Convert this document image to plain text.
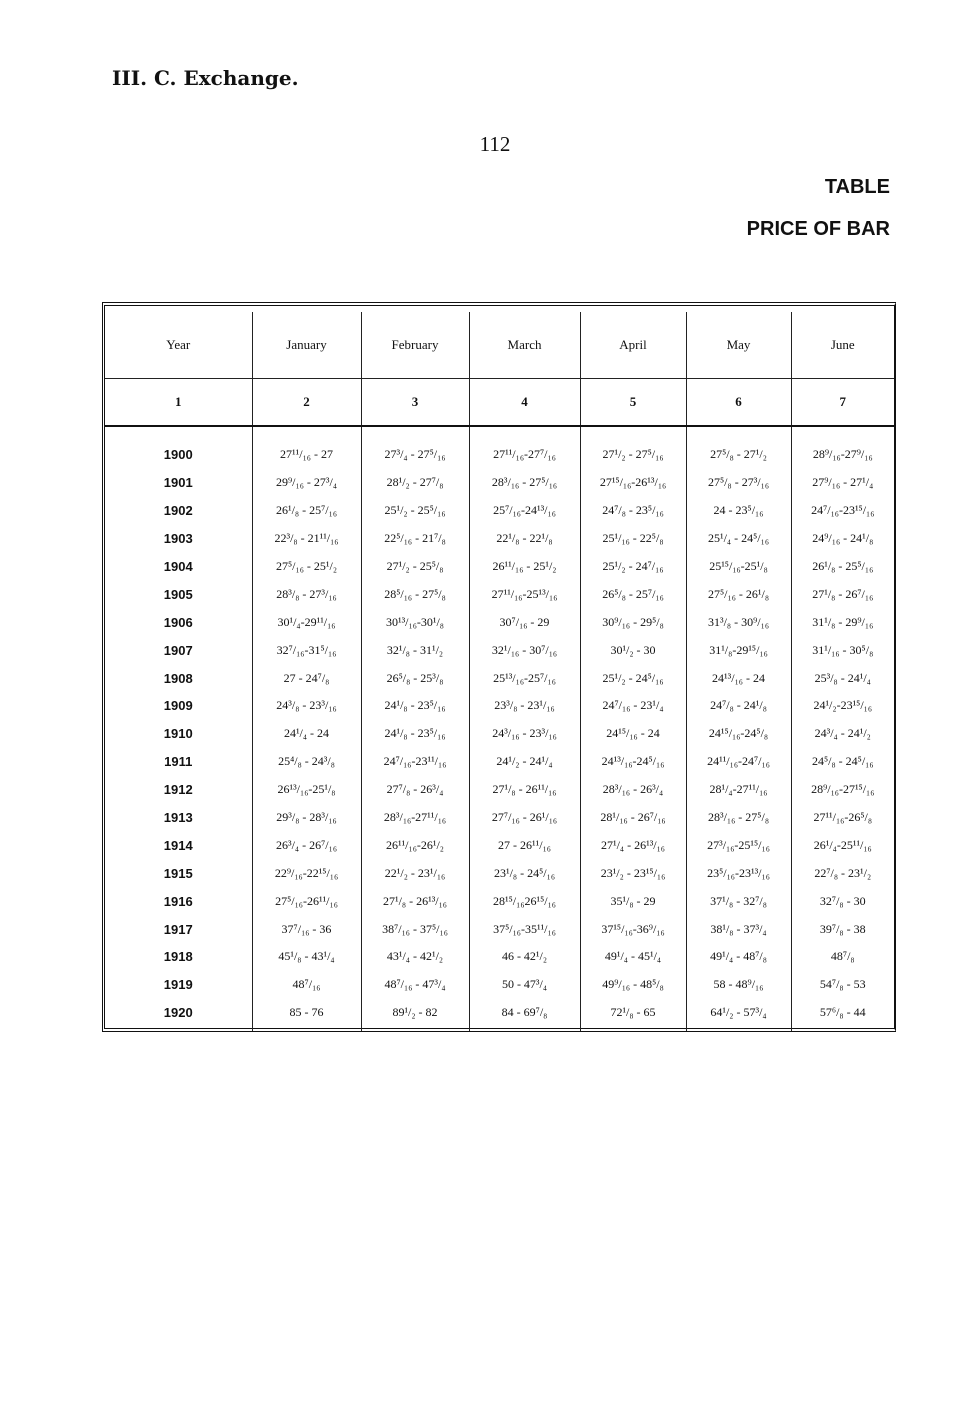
III. C. Exchange.
112
TABLE
PRICE OF BAR
Year	January	February	March	April	May	June
1	2	3	4	5	6	7

1900	27¹¹/₁₆ - 27	27³/₄ - 27⁵/₁₆	27¹¹/₁₆-27⁷/₁₆	27¹/₂ - 27⁵/₁₆	27⁵/₈ - 27¹/₂	28⁹/₁₆-27⁹/₁₆
1901	29⁹/₁₆ - 27³/₄	28¹/₂ - 27⁷/₈	28³/₁₆ - 27⁵/₁₆	27¹⁵/₁₆-26¹³/₁₆	27⁵/₈ - 27³/₁₆	27⁹/₁₆ - 27¹/₄
1902	26¹/₈ - 25⁷/₁₆	25¹/₂ - 25⁵/₁₆	25⁷/₁₆-24¹³/₁₆	24⁷/₈ - 23⁵/₁₆	24 - 23⁵/₁₆	24⁷/₁₆-23¹⁵/₁₆
1903	22³/₈ - 21¹¹/₁₆	22⁵/₁₆ - 21⁷/₈	22¹/₈ - 22¹/₈	25¹/₁₆ - 22⁵/₈	25¹/₄ - 24⁵/₁₆	24⁹/₁₆ - 24¹/₈
1904	27⁵/₁₆ - 25¹/₂	27¹/₂ - 25⁵/₈	26¹¹/₁₆ - 25¹/₂	25¹/₂ - 24⁷/₁₆	25¹⁵/₁₆-25¹/₈	26¹/₈ - 25⁵/₁₆
1905	28³/₈ - 27³/₁₆	28⁵/₁₆ - 27⁵/₈	27¹¹/₁₆-25¹³/₁₆	26⁵/₈ - 25⁷/₁₆	27⁵/₁₆ - 26¹/₈	27¹/₈ - 26⁷/₁₆
1906	30¹/₄-29¹¹/₁₆	30¹³/₁₆-30¹/₈	30⁷/₁₆ - 29	30⁹/₁₆ - 29⁵/₈	31³/₈ - 30⁹/₁₆	31¹/₈ - 29⁹/₁₆
1907	32⁷/₁₆-31⁵/₁₆	32¹/₈ - 31¹/₂	32¹/₁₆ - 30⁷/₁₆	30¹/₂ - 30	31¹/₈-29¹⁵/₁₆	31¹/₁₆ - 30⁵/₈
1908	27 - 24⁷/₈	26⁵/₈ - 25³/₈	25¹³/₁₆-25⁷/₁₆	25¹/₂ - 24⁵/₁₆	24¹³/₁₆ - 24	25³/₈ - 24¹/₄
1909	24³/₈ - 23³/₁₆	24¹/₈ - 23⁵/₁₆	23³/₈ - 23¹/₁₆	24⁷/₁₆ - 23¹/₄	24⁷/₈ - 24¹/₈	24¹/₂-23¹⁵/₁₆
1910	24¹/₄ - 24	24¹/₈ - 23⁵/₁₆	24³/₁₆ - 23³/₁₆	24¹⁵/₁₆ - 24	24¹⁵/₁₆-24⁵/₈	24³/₄ - 24¹/₂
1911	25⁴/₈ - 24³/₈	24⁷/₁₆-23¹¹/₁₆	24¹/₂ - 24¹/₄	24¹³/₁₆-24⁵/₁₆	24¹¹/₁₆-24⁷/₁₆	24⁵/₈ - 24⁵/₁₆
1912	26¹³/₁₆-25¹/₈	27⁷/₈ - 26³/₄	27¹/₈ - 26¹¹/₁₆	28³/₁₆ - 26³/₄	28¹/₄-27¹¹/₁₆	28⁹/₁₆-27¹⁵/₁₆
1913	29³/₈ - 28³/₁₆	28³/₁₆-27¹¹/₁₆	27⁷/₁₆ - 26¹/₁₆	28¹/₁₆ - 26⁷/₁₆	28³/₁₆ - 27⁵/₈	27¹¹/₁₆-26⁵/₈
1914	26³/₄ - 26⁷/₁₆	26¹¹/₁₆-26¹/₂	27 - 26¹¹/₁₆	27¹/₄ - 26¹³/₁₆	27³/₁₆-25¹⁵/₁₆	26¹/₄-25¹¹/₁₆
1915	22⁹/₁₆-22¹⁵/₁₆	22¹/₂ - 23¹/₁₆	23¹/₈ - 24⁵/₁₆	23¹/₂ - 23¹⁵/₁₆	23⁵/₁₆-23¹³/₁₆	22⁷/₈ - 23¹/₂
1916	27⁵/₁₆-26¹¹/₁₆	27¹/₈ - 26¹³/₁₆	28¹⁵/₁₆26¹⁵/₁₆	35¹/₈ - 29	37¹/₈ - 32⁷/₈	32⁷/₈ - 30
1917	37⁷/₁₆ - 36	38⁷/₁₆ - 37⁵/₁₆	37⁵/₁₆-35¹¹/₁₆	37¹⁵/₁₆-36⁹/₁₆	38¹/₈ - 37³/₄	39⁷/₈ - 38
1918	45¹/₈ - 43¹/₄	43¹/₄ - 42¹/₂	46 - 42¹/₂	49¹/₄ - 45¹/₄	49¹/₄ - 48⁷/₈	48⁷/₈
1919	48⁷/₁₆	48⁷/₁₆ - 47³/₄	50 - 47³/₄	49⁹/₁₆ - 48⁵/₈	58 - 48⁹/₁₆	54⁷/₈ - 53
1920	85 - 76	89¹/₂ - 82	84 - 69⁷/₈	72¹/₈ - 65	64¹/₂ - 57³/₄	57⁶/₈ - 44
